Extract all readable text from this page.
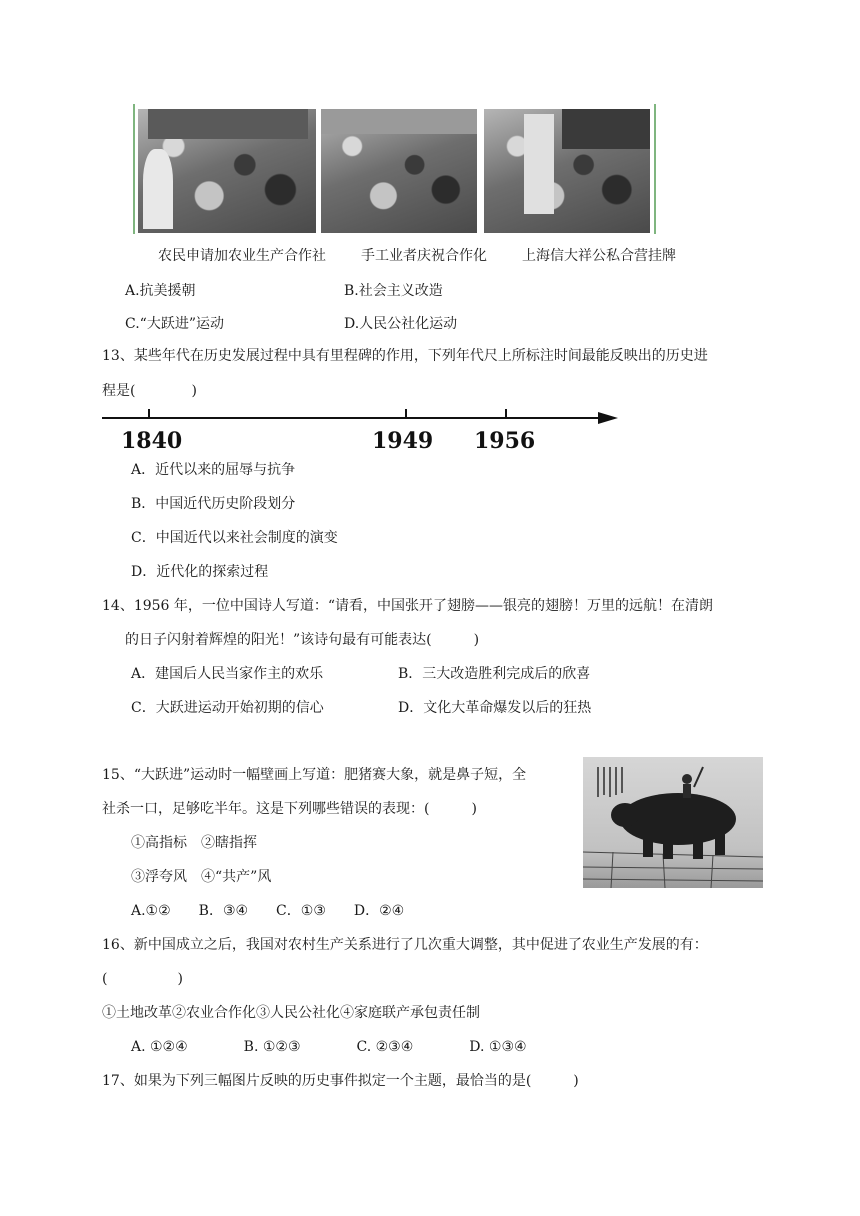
农民申请加农业生产合作社	手工业者庆祝合作化	上海信大祥公私合营挂牌
A.抗美援朝	B.社会主义改造
C.“大跃进”运动	D.人民公社化运动
13、某些年代在历史发展过程中具有里程碑的作用，下列年代尺上所标注时间最能反映出的历史进
程是(　　　　)
1840	1949 1956
A．近代以来的屈辱与抗争
B．中国近代历史阶段划分
C．中国近代以来社会制度的演变
D．近代化的探索过程
14、1956 年，一位中国诗人写道：“请看，中国张开了翅膀——银亮的翅膀！万里的远航！在清朗
的日子闪射着辉煌的阳光！”该诗句最有可能表达(　　　)
A．建国后人民当家作主的欢乐	B．三大改造胜利完成后的欣喜
C．大跃进运动开始初期的信心	D．文化大革命爆发以后的狂热
15、“大跃进”运动时一幅壁画上写道：肥猪赛大象，就是鼻子短，全
社杀一口，足够吃半年。这是下列哪些错误的表现：(　　　)
①高指标　②瞎指挥
③浮夸风　④“共产”风
A.①②　　B．③④　　C．①③　　D．②④
16、新中国成立之后，我国对农村生产关系进行了几次重大调整，其中促进了农业生产发展的有：
(　　　　　)
①土地改革②农业合作化③人民公社化④家庭联产承包责任制
A. ①②④　　　　B. ①②③　　　　C. ②③④　　　　D. ①③④
17、如果为下列三幅图片反映的历史事件拟定一个主题，最恰当的是(　　　)
